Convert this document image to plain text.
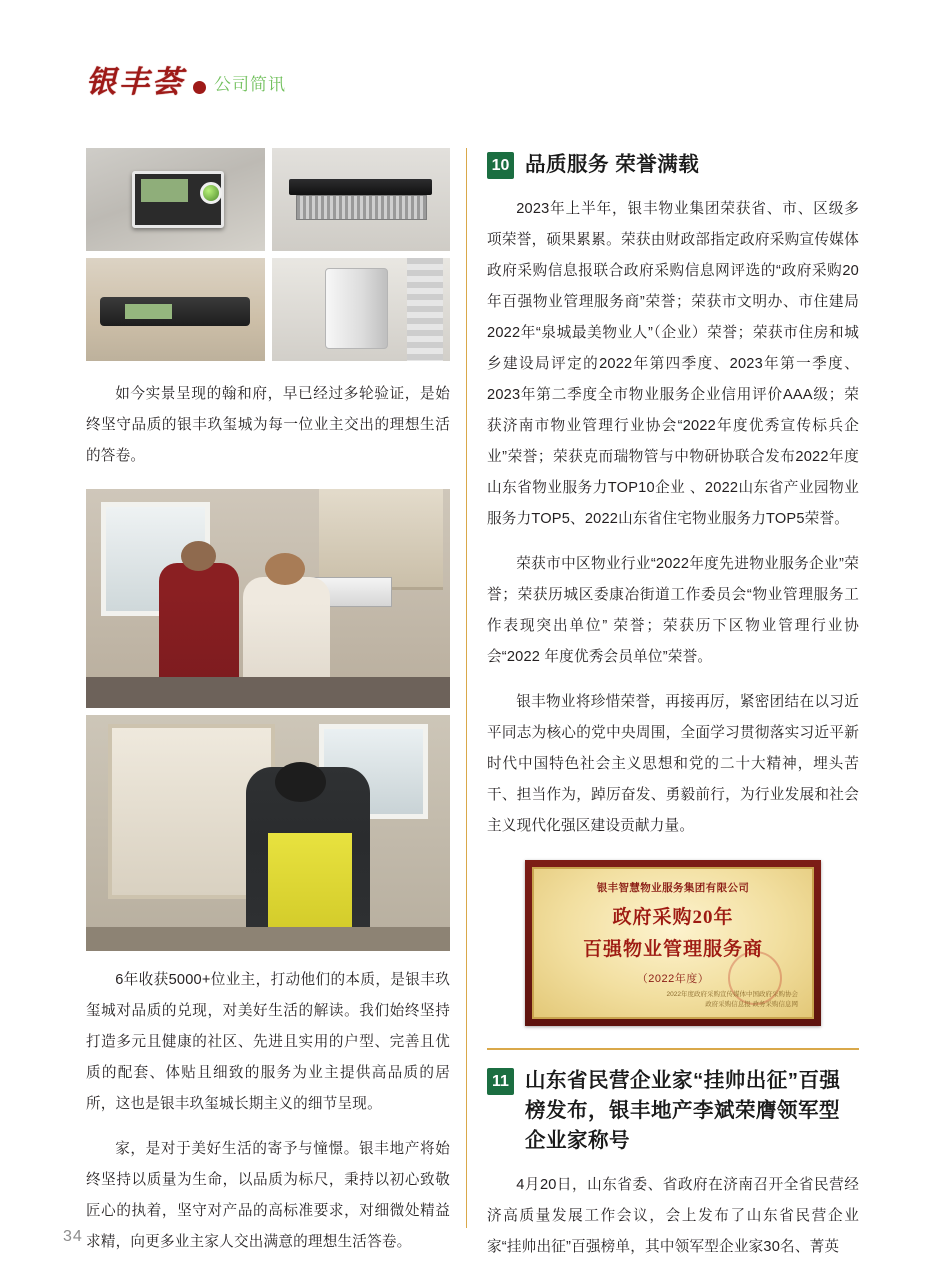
银丰荟 公司简讯

如今实景呈现的翰和府，早已经过多轮验证，是始终坚守品质的银丰玖玺城为每一位业主交出的理想生活的答卷。

6年收获5000+位业主，打动他们的本质，是银丰玖玺城对品质的兑现，对美好生活的解读。我们始终坚持打造多元且健康的社区、先进且实用的户型、完善且优质的配套、体贴且细致的服务为业主提供高品质的居所，这也是银丰玖玺城长期主义的细节呈现。

家，是对于美好生活的寄予与憧憬。银丰地产将始终坚持以质量为生命，以品质为标尺，秉持以初心致敬匠心的执着，坚守对产品的高标准要求，对细微处精益求精，向更多业主家人交出满意的理想生活答卷。

10 品质服务 荣誉满载

2023年上半年，银丰物业集团荣获省、市、区级多项荣誉，硕果累累。荣获由财政部指定政府采购宣传媒体政府采购信息报联合政府采购信息网评选的“政府采购20年百强物业管理服务商”荣誉；荣获市文明办、市住建局2022年“泉城最美物业人”（企业）荣誉；荣获市住房和城乡建设局评定的2022年第四季度、2023年第一季度、2023年第二季度全市物业服务企业信用评价AAA级；荣获济南市物业管理行业协会“2022年度优秀宣传标兵企业”荣誉；荣获克而瑞物管与中物研协联合发布2022年度山东省物业服务力TOP10企业 、2022山东省产业园物业服务力TOP5、2022山东省住宅物业服务力TOP5荣誉。

荣获市中区物业行业“2022年度先进物业服务企业”荣誉；荣获历城区委康冶街道工作委员会“物业管理服务工作表现突出单位” 荣誉；荣获历下区物业管理行业协会“2022 年度优秀会员单位”荣誉。

银丰物业将珍惜荣誉，再接再厉，紧密团结在以习近平同志为核心的党中央周围，全面学习贯彻落实习近平新时代中国特色社会主义思想和党的二十大精神，埋头苦干、担当作为，踔厉奋发、勇毅前行，为行业发展和社会主义现代化强区建设贡献力量。

银丰智慧物业服务集团有限公司
政府采购20年
百强物业管理服务商
（2022年度）
2022年度政府采购宣传媒体中国政府采购协会
政府采购信息报 政务采购信息网
11 山东省民营企业家“挂帅出征”百强榜发布，银丰地产李斌荣膺领军型企业家称号

4月20日，山东省委、省政府在济南召开全省民营经济高质量发展工作会议，会上发布了山东省民营企业家“挂帅出征”百强榜单，其中领军型企业家30名、菁英

34
